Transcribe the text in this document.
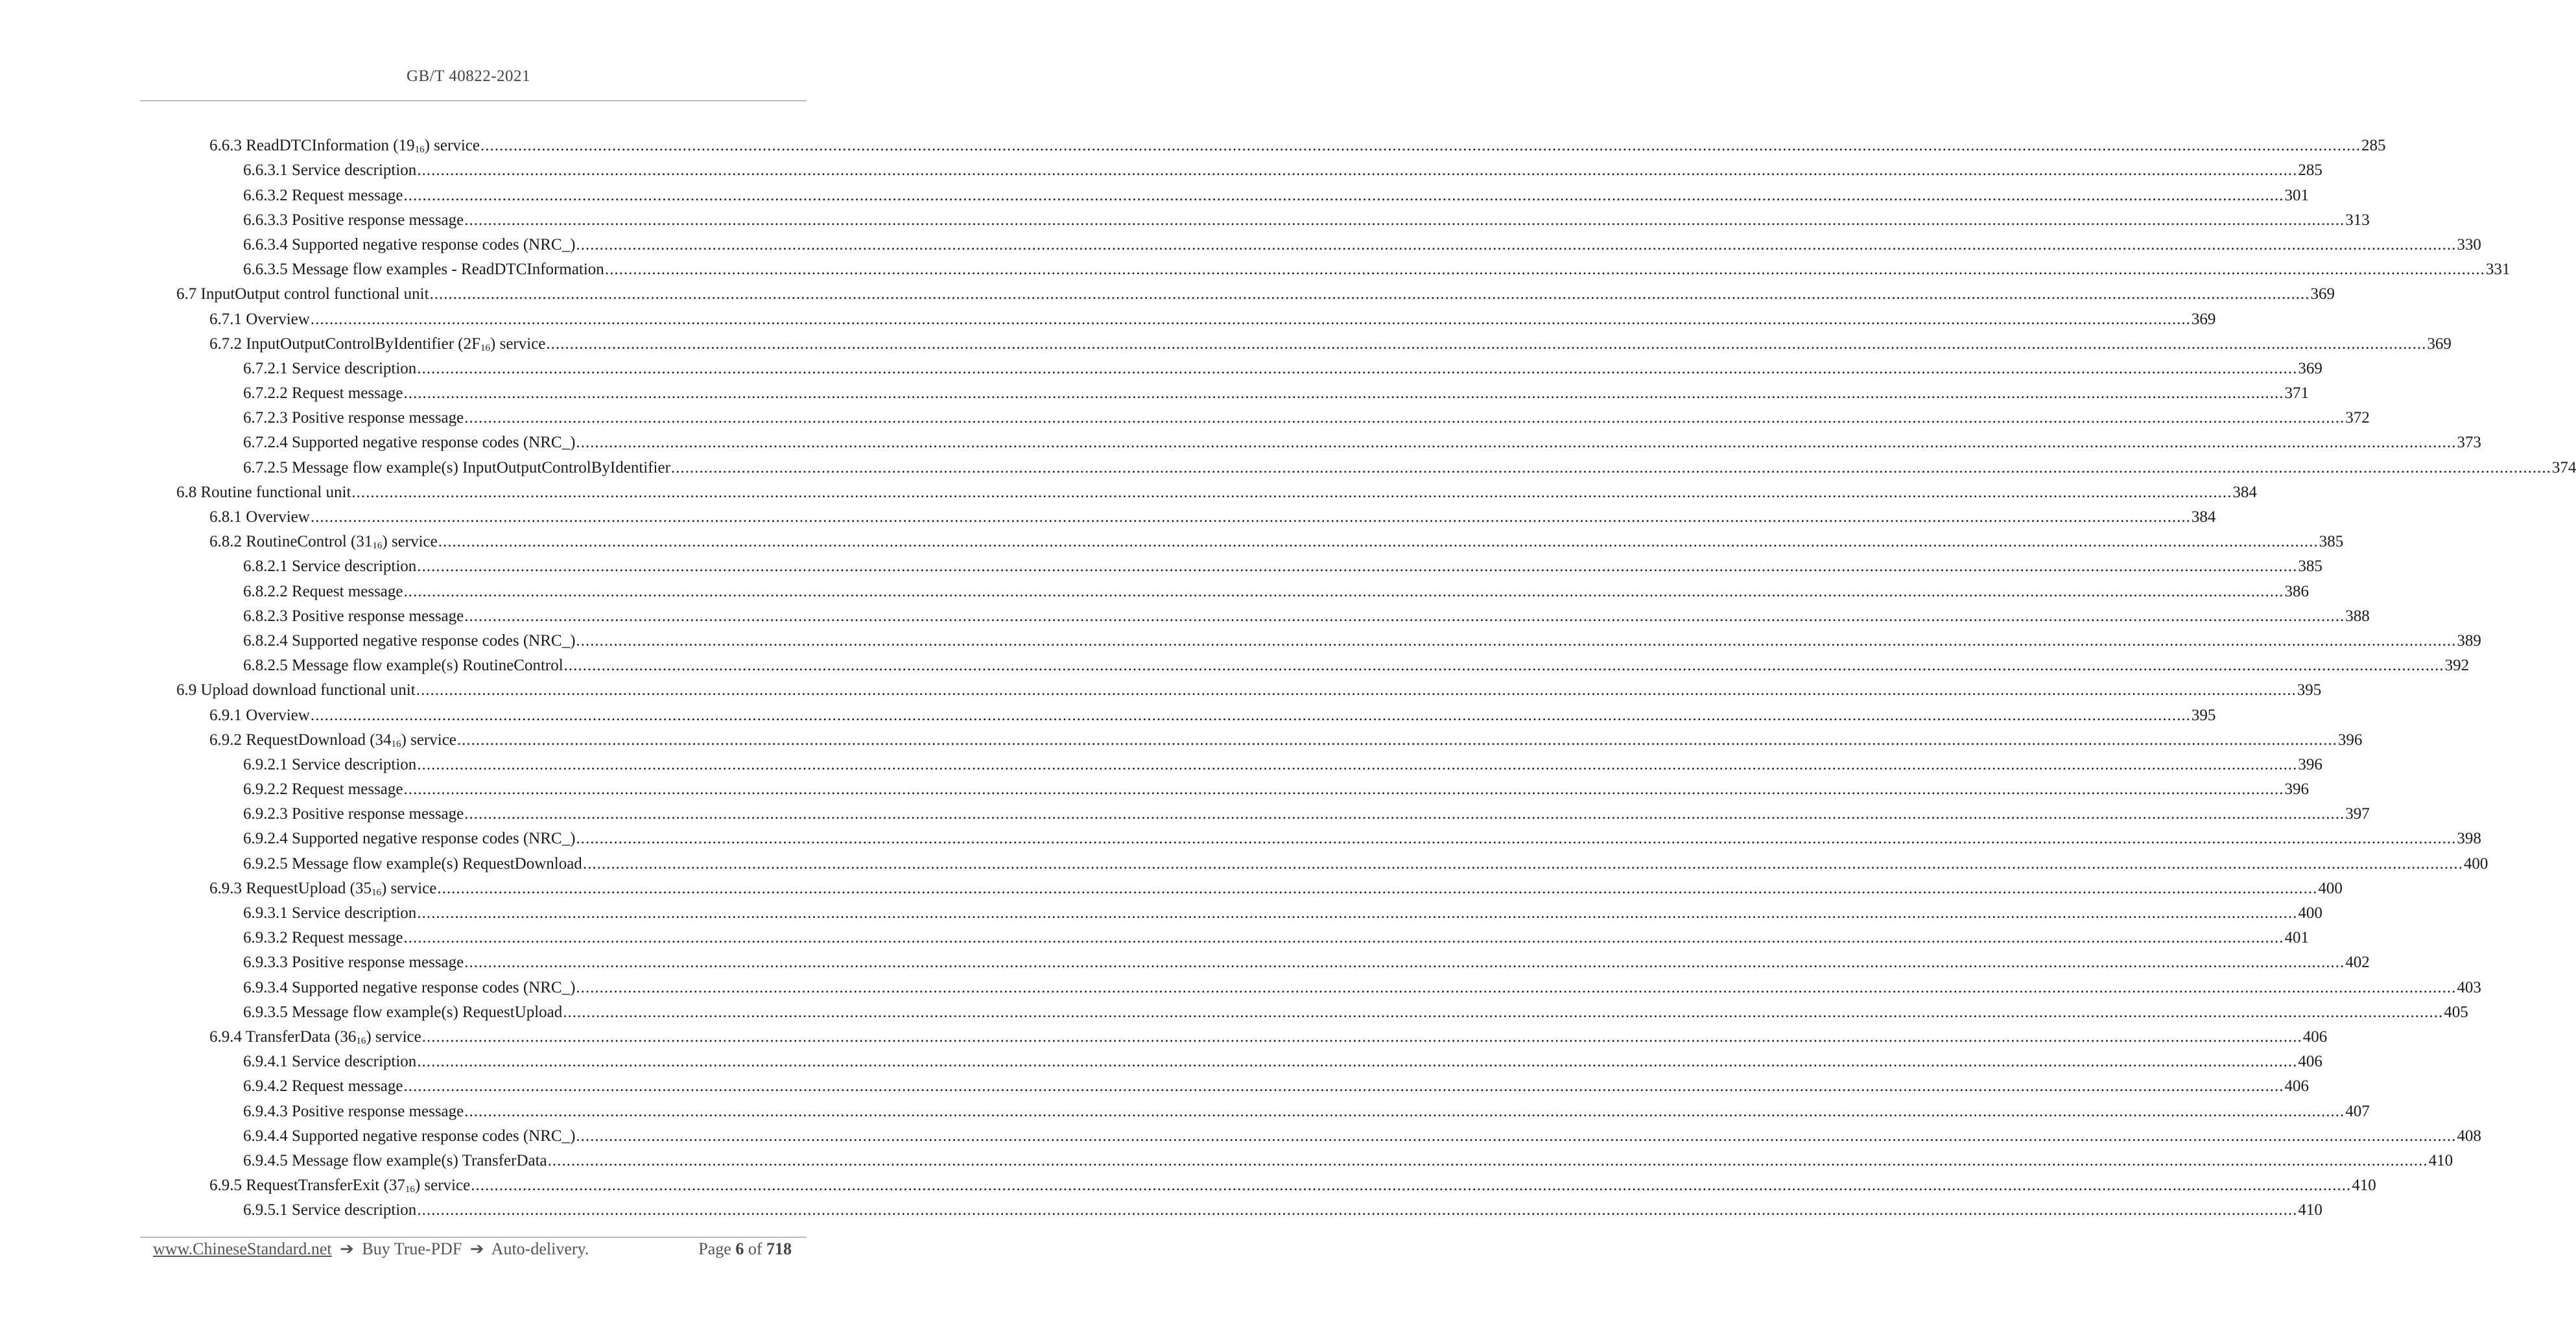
GB/T 40822-2021
6.6.3 ReadDTCInformation $(19_{16})$ service ................................................................................................................................................................................................................................................................................................................................................................................................................ 285
6.6.3.1 Service description ................................................................................................................................................................................................................................................................................................................................................................................................................ 285
6.6.3.2 Request message ................................................................................................................................................................................................................................................................................................................................................................................................................ 301
6.6.3.3 Positive response message ................................................................................................................................................................................................................................................................................................................................................................................................................ 313
6.6.3.4 Supported negative response codes (NRC_) ................................................................................................................................................................................................................................................................................................................................................................................................................ 330
6.6.3.5 Message flow examples - ReadDTCInformation ................................................................................................................................................................................................................................................................................................................................................................................................................ 331
6.7 InputOutput control functional unit ................................................................................................................................................................................................................................................................................................................................................................................................................ 369
6.7.1 Overview ................................................................................................................................................................................................................................................................................................................................................................................................................ 369
6.7.2 InputOutputControlByIdentifier $(2F_{16})$ service ................................................................................................................................................................................................................................................................................................................................................................................................................ 369
6.7.2.1 Service description ................................................................................................................................................................................................................................................................................................................................................................................................................ 369
6.7.2.2 Request message ................................................................................................................................................................................................................................................................................................................................................................................................................ 371
6.7.2.3 Positive response message ................................................................................................................................................................................................................................................................................................................................................................................................................ 372
6.7.2.4 Supported negative response codes (NRC_) ................................................................................................................................................................................................................................................................................................................................................................................................................ 373
6.7.2.5 Message flow example(s) InputOutputControlByIdentifier ................................................................................................................................................................................................................................................................................................................................................................................................................ 374
6.8 Routine functional unit ................................................................................................................................................................................................................................................................................................................................................................................................................ 384
6.8.1 Overview ................................................................................................................................................................................................................................................................................................................................................................................................................ 384
6.8.2 RoutineControl $(31_{16})$ service ................................................................................................................................................................................................................................................................................................................................................................................................................ 385
6.8.2.1 Service description ................................................................................................................................................................................................................................................................................................................................................................................................................ 385
6.8.2.2 Request message ................................................................................................................................................................................................................................................................................................................................................................................................................ 386
6.8.2.3 Positive response message ................................................................................................................................................................................................................................................................................................................................................................................................................ 388
6.8.2.4 Supported negative response codes (NRC_) ................................................................................................................................................................................................................................................................................................................................................................................................................ 389
6.8.2.5 Message flow example(s) RoutineControl ................................................................................................................................................................................................................................................................................................................................................................................................................ 392
6.9 Upload download functional unit ................................................................................................................................................................................................................................................................................................................................................................................................................ 395
6.9.1 Overview ................................................................................................................................................................................................................................................................................................................................................................................................................ 395
6.9.2 RequestDownload $(34_{16})$ service ................................................................................................................................................................................................................................................................................................................................................................................................................ 396
6.9.2.1 Service description ................................................................................................................................................................................................................................................................................................................................................................................................................ 396
6.9.2.2 Request message ................................................................................................................................................................................................................................................................................................................................................................................................................ 396
6.9.2.3 Positive response message ................................................................................................................................................................................................................................................................................................................................................................................................................ 397
6.9.2.4 Supported negative response codes (NRC_) ................................................................................................................................................................................................................................................................................................................................................................................................................ 398
6.9.2.5 Message flow example(s) RequestDownload ................................................................................................................................................................................................................................................................................................................................................................................................................ 400
6.9.3 RequestUpload $(35_{16})$ service ................................................................................................................................................................................................................................................................................................................................................................................................................ 400
6.9.3.1 Service description ................................................................................................................................................................................................................................................................................................................................................................................................................ 400
6.9.3.2 Request message ................................................................................................................................................................................................................................................................................................................................................................................................................ 401
6.9.3.3 Positive response message ................................................................................................................................................................................................................................................................................................................................................................................................................ 402
6.9.3.4 Supported negative response codes (NRC_) ................................................................................................................................................................................................................................................................................................................................................................................................................ 403
6.9.3.5 Message flow example(s) RequestUpload ................................................................................................................................................................................................................................................................................................................................................................................................................ 405
6.9.4 TransferData $(36_{16})$ service ................................................................................................................................................................................................................................................................................................................................................................................................................ 406
6.9.4.1 Service description ................................................................................................................................................................................................................................................................................................................................................................................................................ 406
6.9.4.2 Request message ................................................................................................................................................................................................................................................................................................................................................................................................................ 406
6.9.4.3 Positive response message ................................................................................................................................................................................................................................................................................................................................................................................................................ 407
6.9.4.4 Supported negative response codes (NRC_) ................................................................................................................................................................................................................................................................................................................................................................................................................ 408
6.9.4.5 Message flow example(s) TransferData ................................................................................................................................................................................................................................................................................................................................................................................................................ 410
6.9.5 RequestTransferExit $(37_{16})$ service ................................................................................................................................................................................................................................................................................................................................................................................................................ 410
6.9.5.1 Service description ................................................................................................................................................................................................................................................................................................................................................................................................................ 410
www.ChineseStandard.net ➔ Buy True-PDF ➔ Auto-delivery.	Page 6 of 718
